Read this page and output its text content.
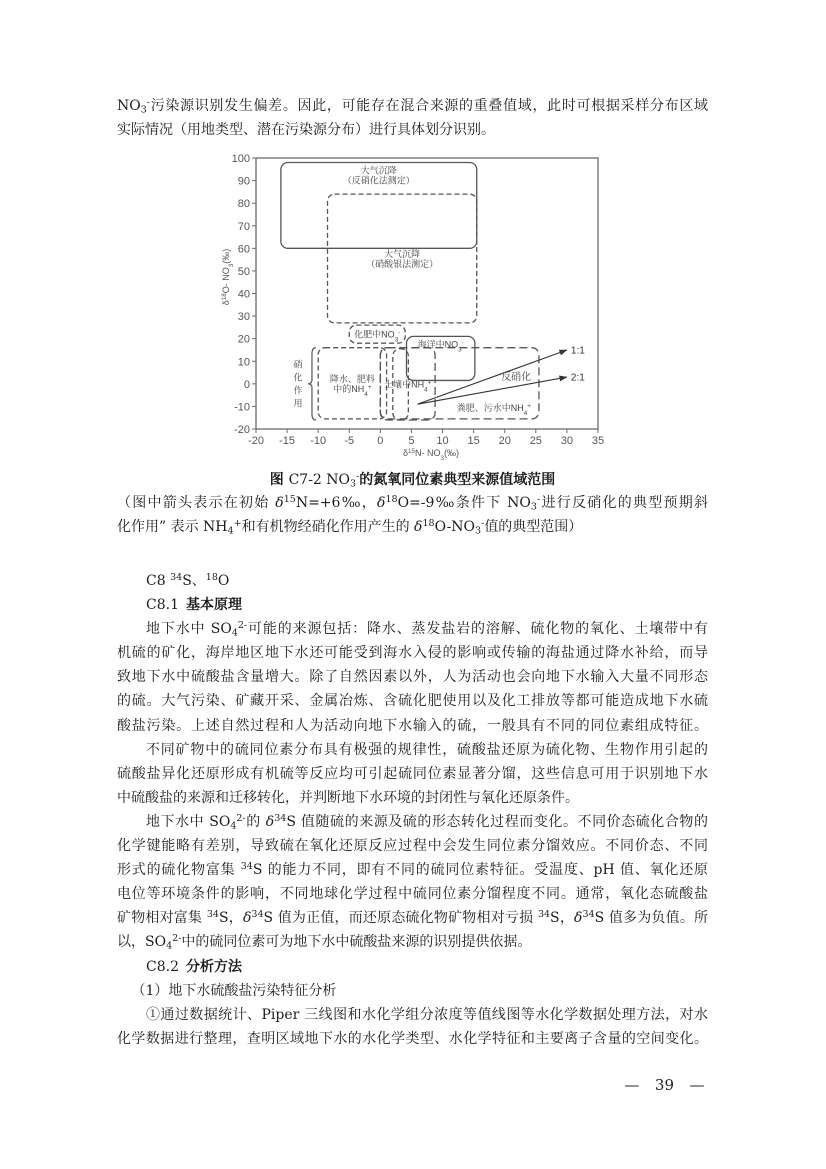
$NO_3^-$污染源识别发生偏差。因此，可能存在混合来源的重叠值域，此时可根据采样分布区域
实际情况（用地类型、潜在污染源分布）进行具体划分识别。
100
90
80
70
60
50
40
30
20
10
0
-10
-20
-20 -15 -10 -5 0 5 10 15 20 25 30 35
$\delta^{18}O-$ $NO_3(‰)$
$\delta^{15}N-$ $NO_3(‰)$
大气沉降
（反硝化法测定）
大气沉降
（硝酸银法测定）
化肥中$NO_3^-$
海洋中$NO_3^-$
降水、肥料
中的$NH_4^+$ 土壤中$NH_4^+$
粪肥、污水中$NH_4^+$
硝
化
作
用
1:1
2:1
反硝化
图 C7-2 $NO_3^-$的氮氧同位素典型来源值域范围
（图中箭头表示在初始 $\delta^{15}N=+6‰$，$\delta^{18}O=-9‰$条件下 $NO_3^-$进行反硝化的典型预期斜
化作用” 表示 $NH_4^+$和有机物经硝化作用产生的 $\delta^{18}O-NO_3^-$值的典型范围）
C8 $^{34}$S、$^{18}$O
C8.1 基本原理
地下水中 $SO_4^{2-}$可能的来源包括：降水、蒸发盐岩的溶解、硫化物的氧化、土壤带中有
机硫的矿化，海岸地区地下水还可能受到海水入侵的影响或传输的海盐通过降水补给，而导
致地下水中硫酸盐含量增大。除了自然因素以外，人为活动也会向地下水输入大量不同形态
的硫。大气污染、矿藏开采、金属冶炼、含硫化肥使用以及化工排放等都可能造成地下水硫
酸盐污染。上述自然过程和人为活动向地下水输入的硫，一般具有不同的同位素组成特征。
不同矿物中的硫同位素分布具有极强的规律性，硫酸盐还原为硫化物、生物作用引起的
硫酸盐异化还原形成有机硫等反应均可引起硫同位素显著分馏，这些信息可用于识别地下水
中硫酸盐的来源和迁移转化，并判断地下水环境的封闭性与氧化还原条件。
地下水中 $SO_4^{2-}$的 $\delta^{34}S$ 值随硫的来源及硫的形态转化过程而变化。不同价态硫化合物的
化学键能略有差别，导致硫在氧化还原反应过程中会发生同位素分馏效应。不同价态、不同
形式的硫化物富集 $^{34}$S 的能力不同，即有不同的硫同位素特征。受温度、pH 值、氧化还原
电位等环境条件的影响，不同地球化学过程中硫同位素分馏程度不同。通常，氧化态硫酸盐
矿物相对富集 $^{34}$S，$\delta^{34}S$ 值为正值，而还原态硫化物矿物相对亏损 $^{34}$S，$\delta^{34}S$ 值多为负值。所
以，$SO_4^{2-}$中的硫同位素可为地下水中硫酸盐来源的识别提供依据。
C8.2 分析方法
（1）地下水硫酸盐污染特征分析
①通过数据统计、Piper 三线图和水化学组分浓度等值线图等水化学数据处理方法，对水
化学数据进行整理，查明区域地下水的水化学类型、水化学特征和主要离子含量的空间变化。
— 39 —
